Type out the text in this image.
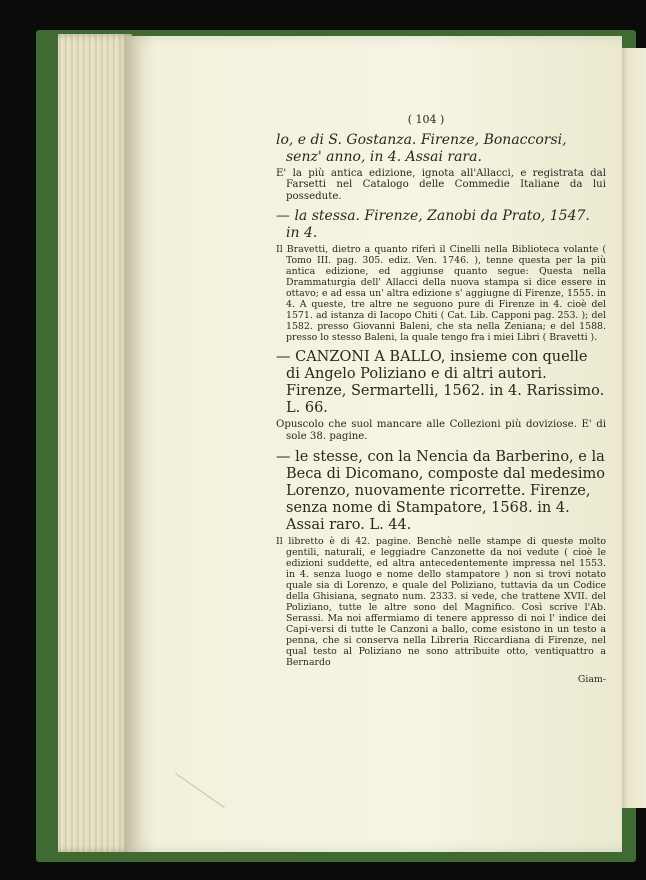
( 104 )
lo, e di S. Gostanza. Firenze, Bonaccorsi, senz' anno, in 4. Assai rara.
E' la più antica edizione, ignota all'Allacci, e registrata dal Farsetti nel Catalogo delle Commedie Italiane da lui possedute.
— la stessa. Firenze, Zanobi da Prato, 1547. in 4.
Il Bravetti, dietro a quanto riferì il Cinelli nella Biblioteca volante ( Tomo III. pag. 305. ediz. Ven. 1746. ), tenne questa per la più antica edizione, ed aggiunse quanto segue: Questa nella Drammaturgia dell' Allacci della nuova stampa si dice essere in ottavo; e ad essa un' altra edizione s' aggiugne di Firenze, 1555. in 4. A queste, tre altre ne seguono pure di Firenze in 4. cioè del 1571. ad istanza di Iacopo Chiti ( Cat. Lib. Capponi pag. 253. ); del 1582. presso Giovanni Baleni, che sta nella Zeniana; e del 1588. presso lo stesso Baleni, la quale tengo fra i miei Libri ( Bravetti ).
— CANZONI A BALLO, insieme con quelle di Angelo Poliziano e di altri autori. Firenze, Sermartelli, 1562. in 4. Rarissimo. L. 66.
Opuscolo che suol mancare alle Collezioni più doviziose. E' di sole 38. pagine.
— le stesse, con la Nencia da Barberino, e la Beca di Dicomano, composte dal medesimo Lorenzo, nuovamente ricorrette. Firenze, senza nome di Stampatore, 1568. in 4. Assai raro. L. 44.
Il libretto è di 42. pagine. Benchè nelle stampe di queste molto gentili, naturali, e leggiadre Canzonette da noi vedute ( cioè le edizioni suddette, ed altra antecedentemente impressa nel 1553. in 4. senza luogo e nome dello stampatore ) non si trovi notato quale sia di Lorenzo, e quale del Poliziano, tuttavia da un Codice della Ghisiana, segnato num. 2333. si vede, che trattene XVII. del Poliziano, tutte le altre sono del Magnifico. Così scrive l'Ab. Serassi. Ma noi affermiamo di tenere appresso di noi l' indice dei Capi-versi di tutte le Canzoni a ballo, come esistono in un testo a penna, che si conserva nella Libreria Riccardiana di Firenze, nel qual testo al Poliziano ne sono attribuite otto, ventiquattro a Bernardo
Giam-
